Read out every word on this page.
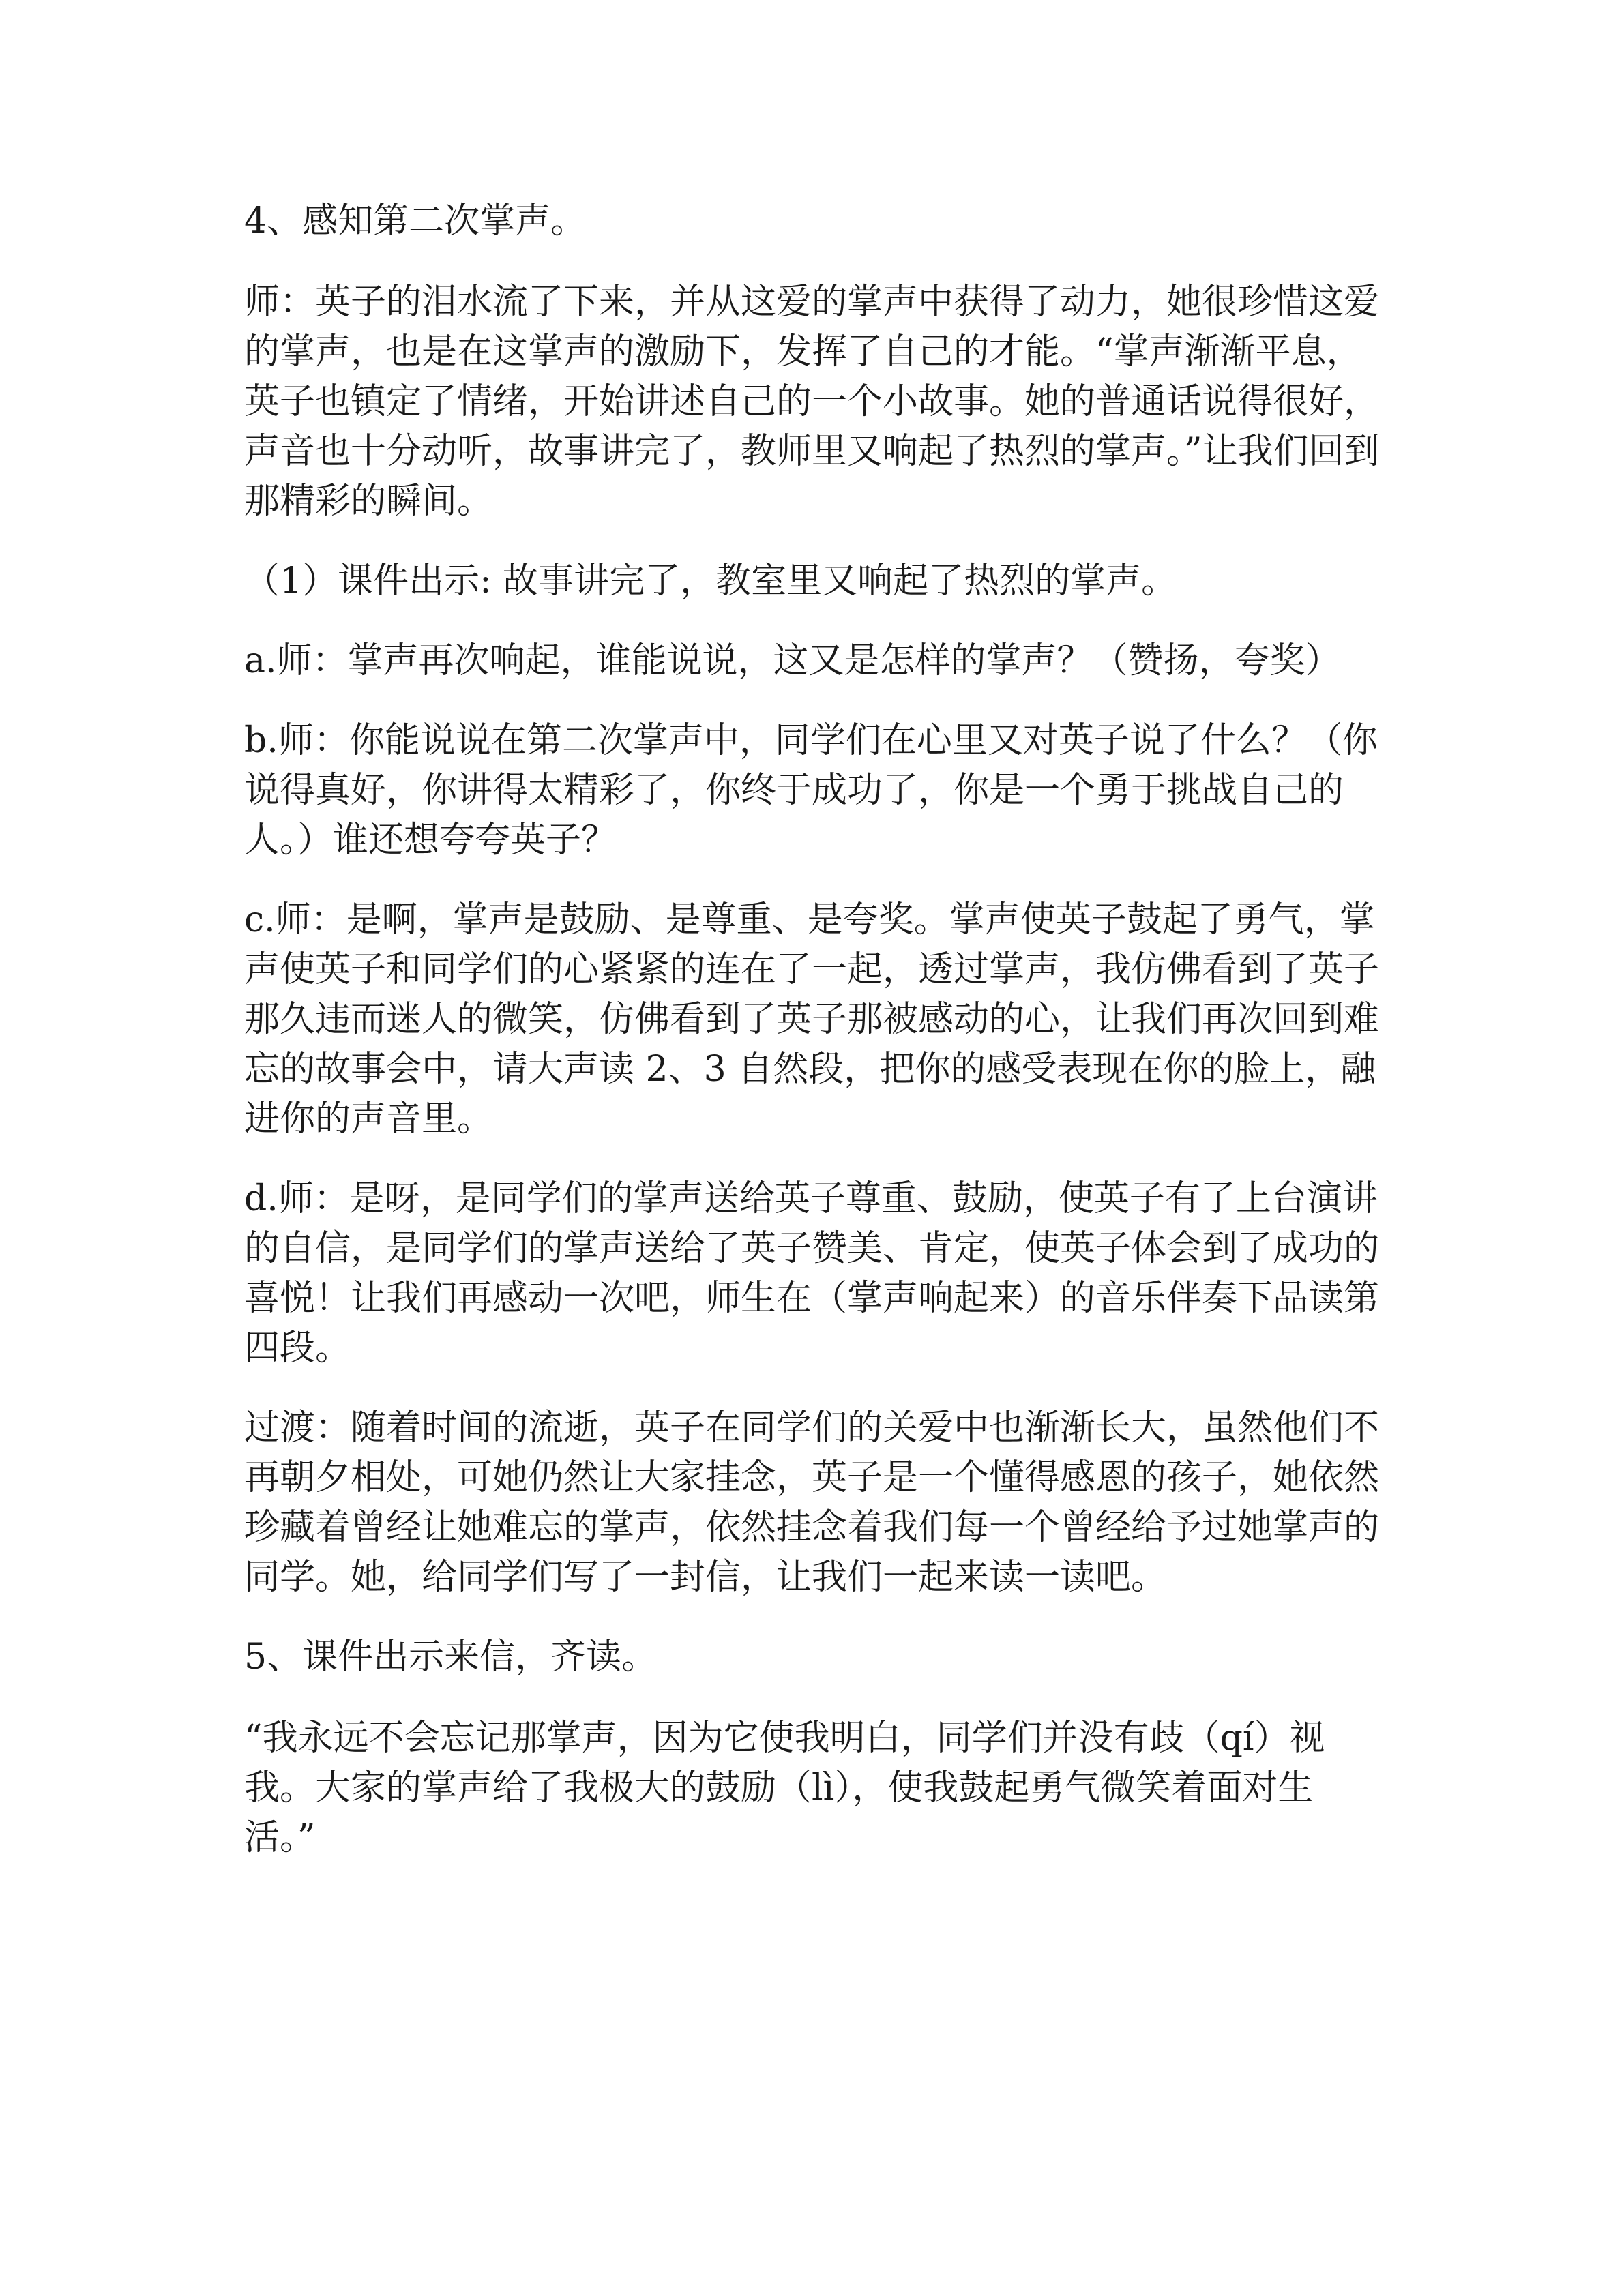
4、感知第二次掌声。

师：英子的泪水流了下来，并从这爱的掌声中获得了动力，她很珍惜这爱的掌声，也是在这掌声的激励下，发挥了自己的才能。“掌声渐渐平息，英子也镇定了情绪，开始讲述自己的一个小故事。她的普通话说得很好，声音也十分动听，故事讲完了，教师里又响起了热烈的掌声。”让我们回到那精彩的瞬间。

（1）课件出示: 故事讲完了，教室里又响起了热烈的掌声。

a.师：掌声再次响起，谁能说说，这又是怎样的掌声？（赞扬，夸奖）

b.师：你能说说在第二次掌声中，同学们在心里又对英子说了什么？（你说得真好，你讲得太精彩了，你终于成功了，你是一个勇于挑战自己的人。）谁还想夸夸英子？

c.师：是啊，掌声是鼓励、是尊重、是夸奖。掌声使英子鼓起了勇气，掌声使英子和同学们的心紧紧的连在了一起，透过掌声，我仿佛看到了英子那久违而迷人的微笑，仿佛看到了英子那被感动的心，让我们再次回到难忘的故事会中，请大声读 2、3 自然段，把你的感受表现在你的脸上，融进你的声音里。

d.师：是呀，是同学们的掌声送给英子尊重、鼓励，使英子有了上台演讲的自信，是同学们的掌声送给了英子赞美、肯定，使英子体会到了成功的喜悦！让我们再感动一次吧，师生在（掌声响起来）的音乐伴奏下品读第四段。

过渡：随着时间的流逝，英子在同学们的关爱中也渐渐长大，虽然他们不再朝夕相处，可她仍然让大家挂念，英子是一个懂得感恩的孩子，她依然珍藏着曾经让她难忘的掌声，依然挂念着我们每一个曾经给予过她掌声的同学。她，给同学们写了一封信，让我们一起来读一读吧。

5、课件出示来信，齐读。

“我永远不会忘记那掌声，因为它使我明白，同学们并没有歧（qí）视我。大家的掌声给了我极大的鼓励（lì），使我鼓起勇气微笑着面对生活。”
